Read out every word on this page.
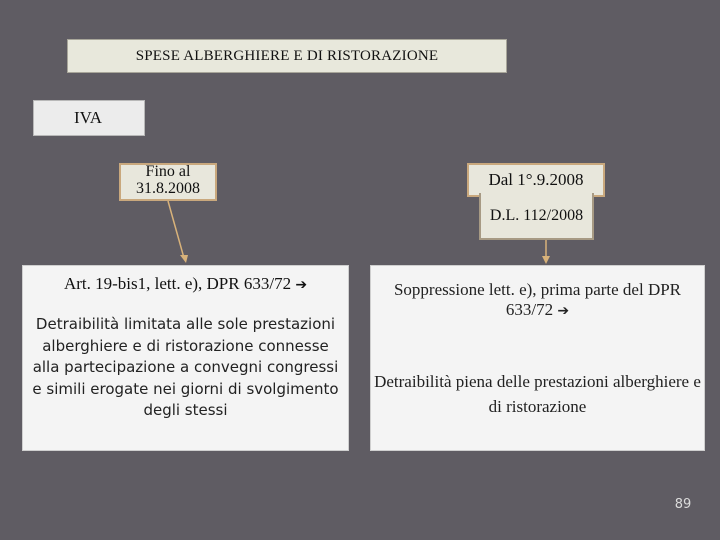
SPESE ALBERGHIERE E DI RISTORAZIONE
IVA
Fino al 31.8.2008	Dal 1°.9.2008
D.L. 112/2008
Art. 19-bis1, lett. e), DPR 633/72 ➔
Detraibilità limitata alle sole prestazioni alberghiere e di ristorazione connesse alla partecipazione a convegni congressi e simili erogate nei giorni di svolgimento degli stessi
Soppressione lett. e), prima parte del DPR 633/72 ➔
Detraibilità piena delle prestazioni alberghiere e di ristorazione
89
